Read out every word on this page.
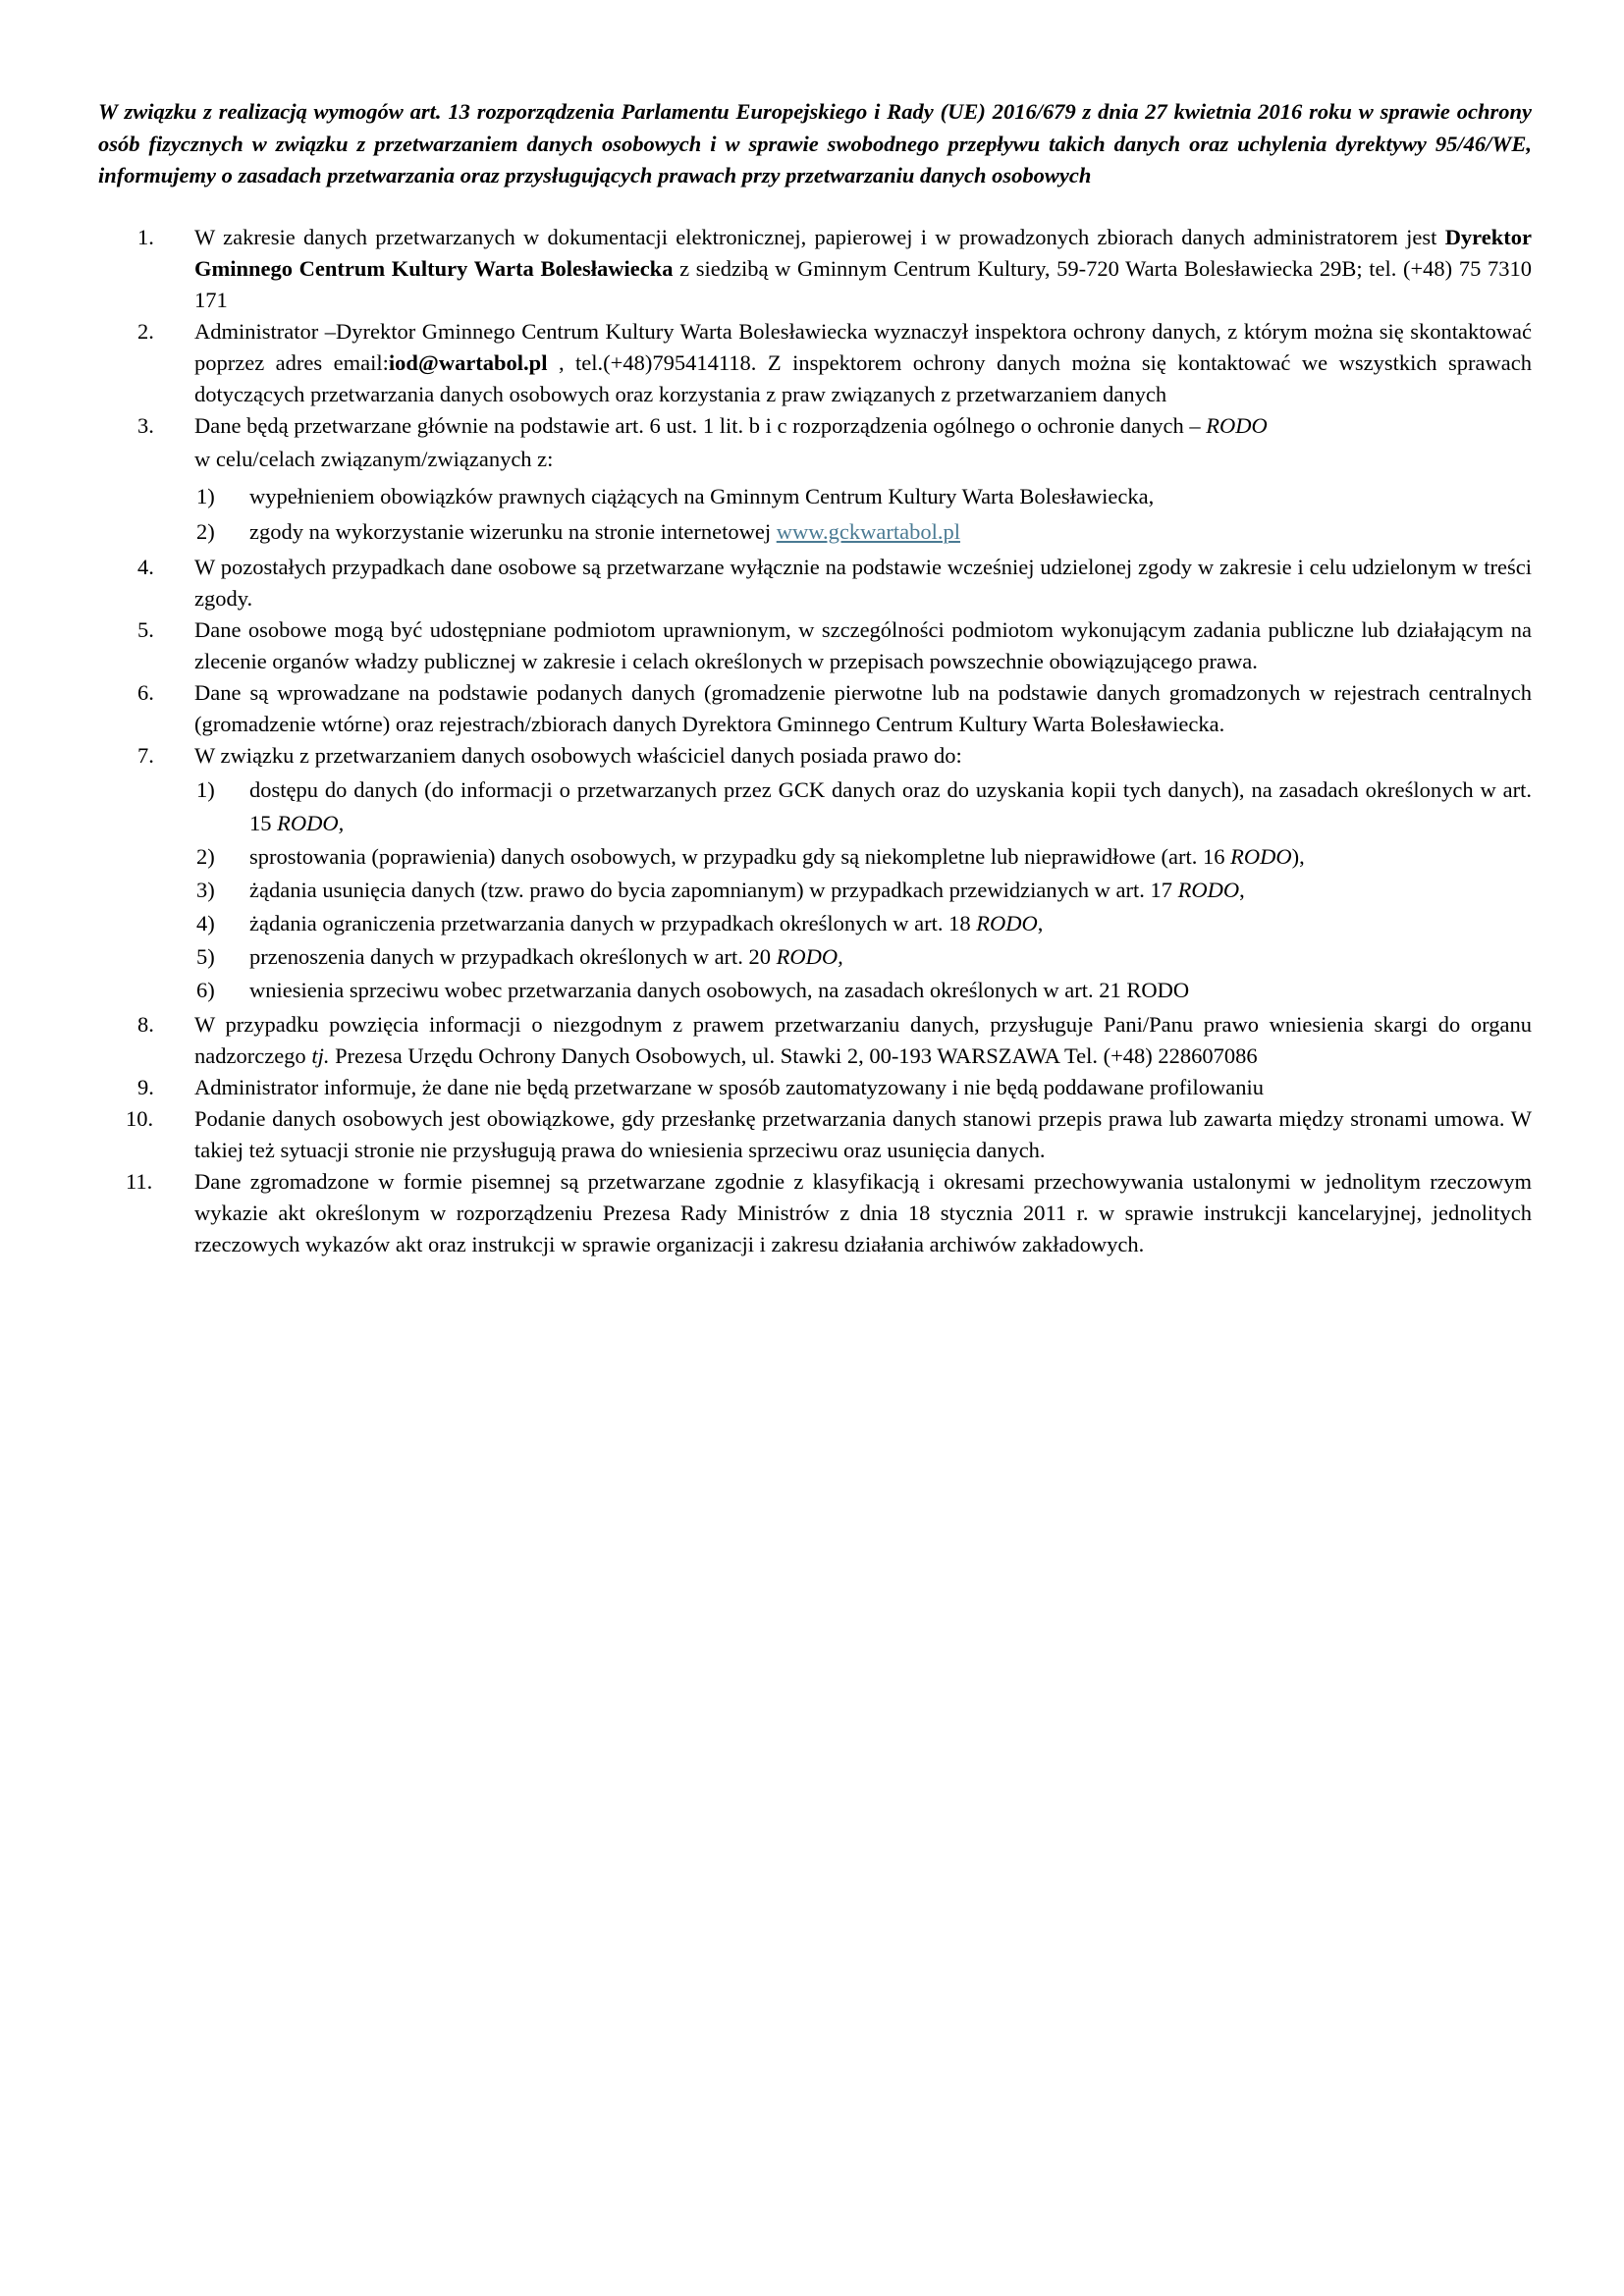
W związku z realizacją wymogów art. 13 rozporządzenia Parlamentu Europejskiego i Rady (UE) 2016/679 z dnia 27 kwietnia 2016 roku w sprawie ochrony osób fizycznych w związku z przetwarzaniem danych osobowych i w sprawie swobodnego przepływu takich danych oraz uchylenia dyrektywy 95/46/WE, informujemy o zasadach przetwarzania oraz przysługujących prawach przy przetwarzaniu danych osobowych

1.	W zakresie danych przetwarzanych w dokumentacji elektronicznej, papierowej i w prowadzonych zbiorach danych administratorem jest Dyrektor Gminnego Centrum Kultury Warta Bolesławiecka z siedzibą w Gminnym Centrum Kultury, 59-720 Warta Bolesławiecka 29B; tel. (+48) 75 7310 171
2.	Administrator –Dyrektor Gminnego Centrum Kultury Warta Bolesławiecka wyznaczył inspektora ochrony danych, z którym można się skontaktować poprzez adres email:iod@wartabol.pl , tel.(+48)795414118. Z inspektorem ochrony danych można się kontaktować we wszystkich sprawach dotyczących przetwarzania danych osobowych oraz korzystania z praw związanych z przetwarzaniem danych
3.	Dane będą przetwarzane głównie na podstawie art. 6 ust. 1 lit. b i c rozporządzenia ogólnego o ochronie danych – RODO
w celu/celach związanym/związanych z:
1) wypełnieniem obowiązków prawnych ciążących na Gminnym Centrum Kultury Warta Bolesławiecka,
2) zgody na wykorzystanie wizerunku na stronie internetowej www.gckwartabol.pl
4.	W pozostałych przypadkach dane osobowe są przetwarzane wyłącznie na podstawie wcześniej udzielonej zgody w zakresie i celu udzielonym w treści zgody.
5.	Dane osobowe mogą być udostępniane podmiotom uprawnionym, w szczególności podmiotom wykonującym zadania publiczne lub działającym na zlecenie organów władzy publicznej w zakresie i celach określonych w przepisach powszechnie obowiązującego prawa.
6.	Dane są wprowadzane na podstawie podanych danych (gromadzenie pierwotne lub na podstawie danych gromadzonych w rejestrach centralnych (gromadzenie wtórne) oraz rejestrach/zbiorach danych Dyrektora Gminnego Centrum Kultury Warta Bolesławiecka.
7.	W związku z przetwarzaniem danych osobowych właściciel danych posiada prawo do:
1) dostępu do danych (do informacji o przetwarzanych przez GCK danych oraz do uzyskania kopii tych danych), na zasadach określonych w art. 15 RODO,
2) sprostowania (poprawienia) danych osobowych, w przypadku gdy są niekompletne lub nieprawidłowe (art. 16 RODO),
3) żądania usunięcia danych (tzw. prawo do bycia zapomnianym) w przypadkach przewidzianych w art. 17 RODO,
4) żądania ograniczenia przetwarzania danych w przypadkach określonych w art. 18 RODO,
5) przenoszenia danych w przypadkach określonych w art. 20 RODO,
6) wniesienia sprzeciwu wobec przetwarzania danych osobowych, na zasadach określonych w art. 21 RODO
8.	W przypadku powzięcia informacji o niezgodnym z prawem przetwarzaniu danych, przysługuje Pani/Panu prawo wniesienia skargi do organu nadzorczego tj. Prezesa Urzędu Ochrony Danych Osobowych, ul. Stawki 2, 00-193 WARSZAWA Tel. (+48) 228607086
9.	Administrator informuje, że dane nie będą przetwarzane w sposób zautomatyzowany i nie będą poddawane profilowaniu
10.	Podanie danych osobowych jest obowiązkowe, gdy przesłankę przetwarzania danych stanowi przepis prawa lub zawarta między stronami umowa. W takiej też sytuacji stronie nie przysługują prawa do wniesienia sprzeciwu oraz usunięcia danych.
11.	Dane zgromadzone w formie pisemnej są przetwarzane zgodnie z klasyfikacją i okresami przechowywania ustalonymi w jednolitym rzeczowym wykazie akt określonym w rozporządzeniu Prezesa Rady Ministrów z dnia 18 stycznia 2011 r. w sprawie instrukcji kancelaryjnej, jednolitych rzeczowych wykazów akt oraz instrukcji w sprawie organizacji i zakresu działania archiwów zakładowych.
